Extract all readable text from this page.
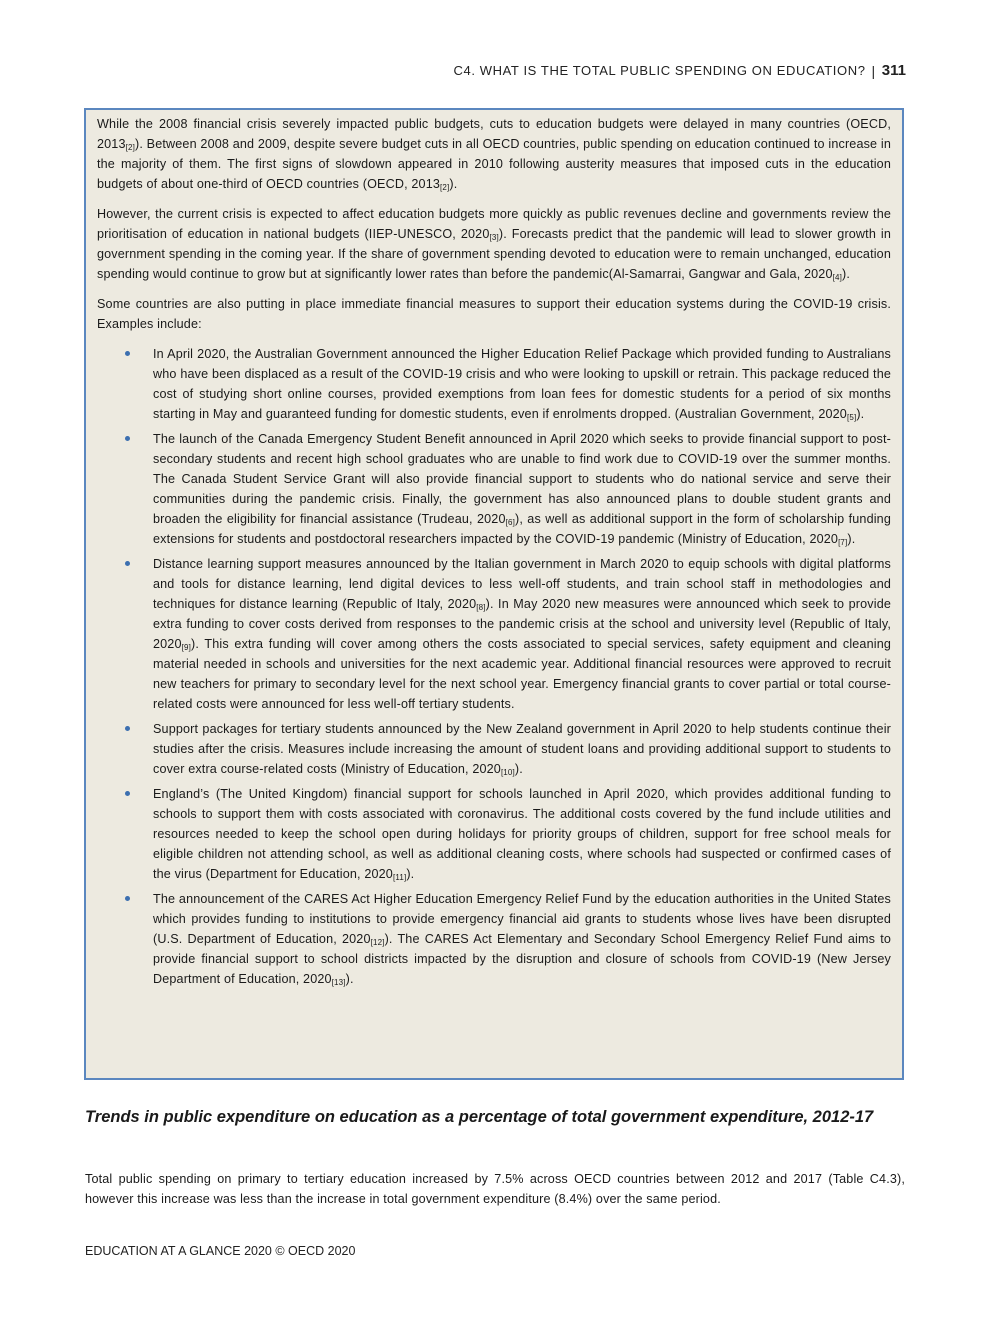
C4. WHAT IS THE TOTAL PUBLIC SPENDING ON EDUCATION? | 311

While the 2008 financial crisis severely impacted public budgets, cuts to education budgets were delayed in many countries (OECD, $2013_{[2]}$). Between 2008 and 2009, despite severe budget cuts in all OECD countries, public spending on education continued to increase in the majority of them. The first signs of slowdown appeared in 2010 following austerity measures that imposed cuts in the education budgets of about one-third of OECD countries (OECD, $2013_{[2]}$).

However, the current crisis is expected to affect education budgets more quickly as public revenues decline and governments review the prioritisation of education in national budgets (IIEP-UNESCO, $2020_{[3]}$). Forecasts predict that the pandemic will lead to slower growth in government spending in the coming year. If the share of government spending devoted to education were to remain unchanged, education spending would continue to grow but at significantly lower rates than before the pandemic(Al-Samarrai, Gangwar and Gala, $2020_{[4]}$).

Some countries are also putting in place immediate financial measures to support their education systems during the COVID-19 crisis. Examples include:

In April 2020, the Australian Government announced the Higher Education Relief Package which provided funding to Australians who have been displaced as a result of the COVID-19 crisis and who were looking to upskill or retrain. This package reduced the cost of studying short online courses, provided exemptions from loan fees for domestic students for a period of six months starting in May and guaranteed funding for domestic students, even if enrolments dropped. (Australian Government, $2020_{[5]}$).
The launch of the Canada Emergency Student Benefit announced in April 2020 which seeks to provide financial support to post-secondary students and recent high school graduates who are unable to find work due to COVID-19 over the summer months. The Canada Student Service Grant will also provide financial support to students who do national service and serve their communities during the pandemic crisis. Finally, the government has also announced plans to double student grants and broaden the eligibility for financial assistance (Trudeau, $2020_{[6]}$), as well as additional support in the form of scholarship funding extensions for students and postdoctoral researchers impacted by the COVID-19 pandemic (Ministry of Education, $2020_{[7]}$).
Distance learning support measures announced by the Italian government in March 2020 to equip schools with digital platforms and tools for distance learning, lend digital devices to less well-off students, and train school staff in methodologies and techniques for distance learning (Republic of Italy, $2020_{[8]}$). In May 2020 new measures were announced which seek to provide extra funding to cover costs derived from responses to the pandemic crisis at the school and university level (Republic of Italy, $2020_{[9]}$). This extra funding will cover among others the costs associated to special services, safety equipment and cleaning material needed in schools and universities for the next academic year. Additional financial resources were approved to recruit new teachers for primary to secondary level for the next school year. Emergency financial grants to cover partial or total course-related costs were announced for less well-off tertiary students.
Support packages for tertiary students announced by the New Zealand government in April 2020 to help students continue their studies after the crisis. Measures include increasing the amount of student loans and providing additional support to students to cover extra course-related costs (Ministry of Education, $2020_{[10]}$).
England’s (The United Kingdom) financial support for schools launched in April 2020, which provides additional funding to schools to support them with costs associated with coronavirus. The additional costs covered by the fund include utilities and resources needed to keep the school open during holidays for priority groups of children, support for free school meals for eligible children not attending school, as well as additional cleaning costs, where schools had suspected or confirmed cases of the virus (Department for Education, $2020_{[11]}$).
The announcement of the CARES Act Higher Education Emergency Relief Fund by the education authorities in the United States which provides funding to institutions to provide emergency financial aid grants to students whose lives have been disrupted (U.S. Department of Education, $2020_{[12]}$). The CARES Act Elementary and Secondary School Emergency Relief Fund aims to provide financial support to school districts impacted by the disruption and closure of schools from COVID-19 (New Jersey Department of Education, $2020_{[13]}$).
Trends in public expenditure on education as a percentage of total government expenditure, 2012-17

Total public spending on primary to tertiary education increased by 7.5% across OECD countries between 2012 and 2017 (Table C4.3), however this increase was less than the increase in total government expenditure (8.4%) over the same period.

EDUCATION AT A GLANCE 2020 © OECD 2020
